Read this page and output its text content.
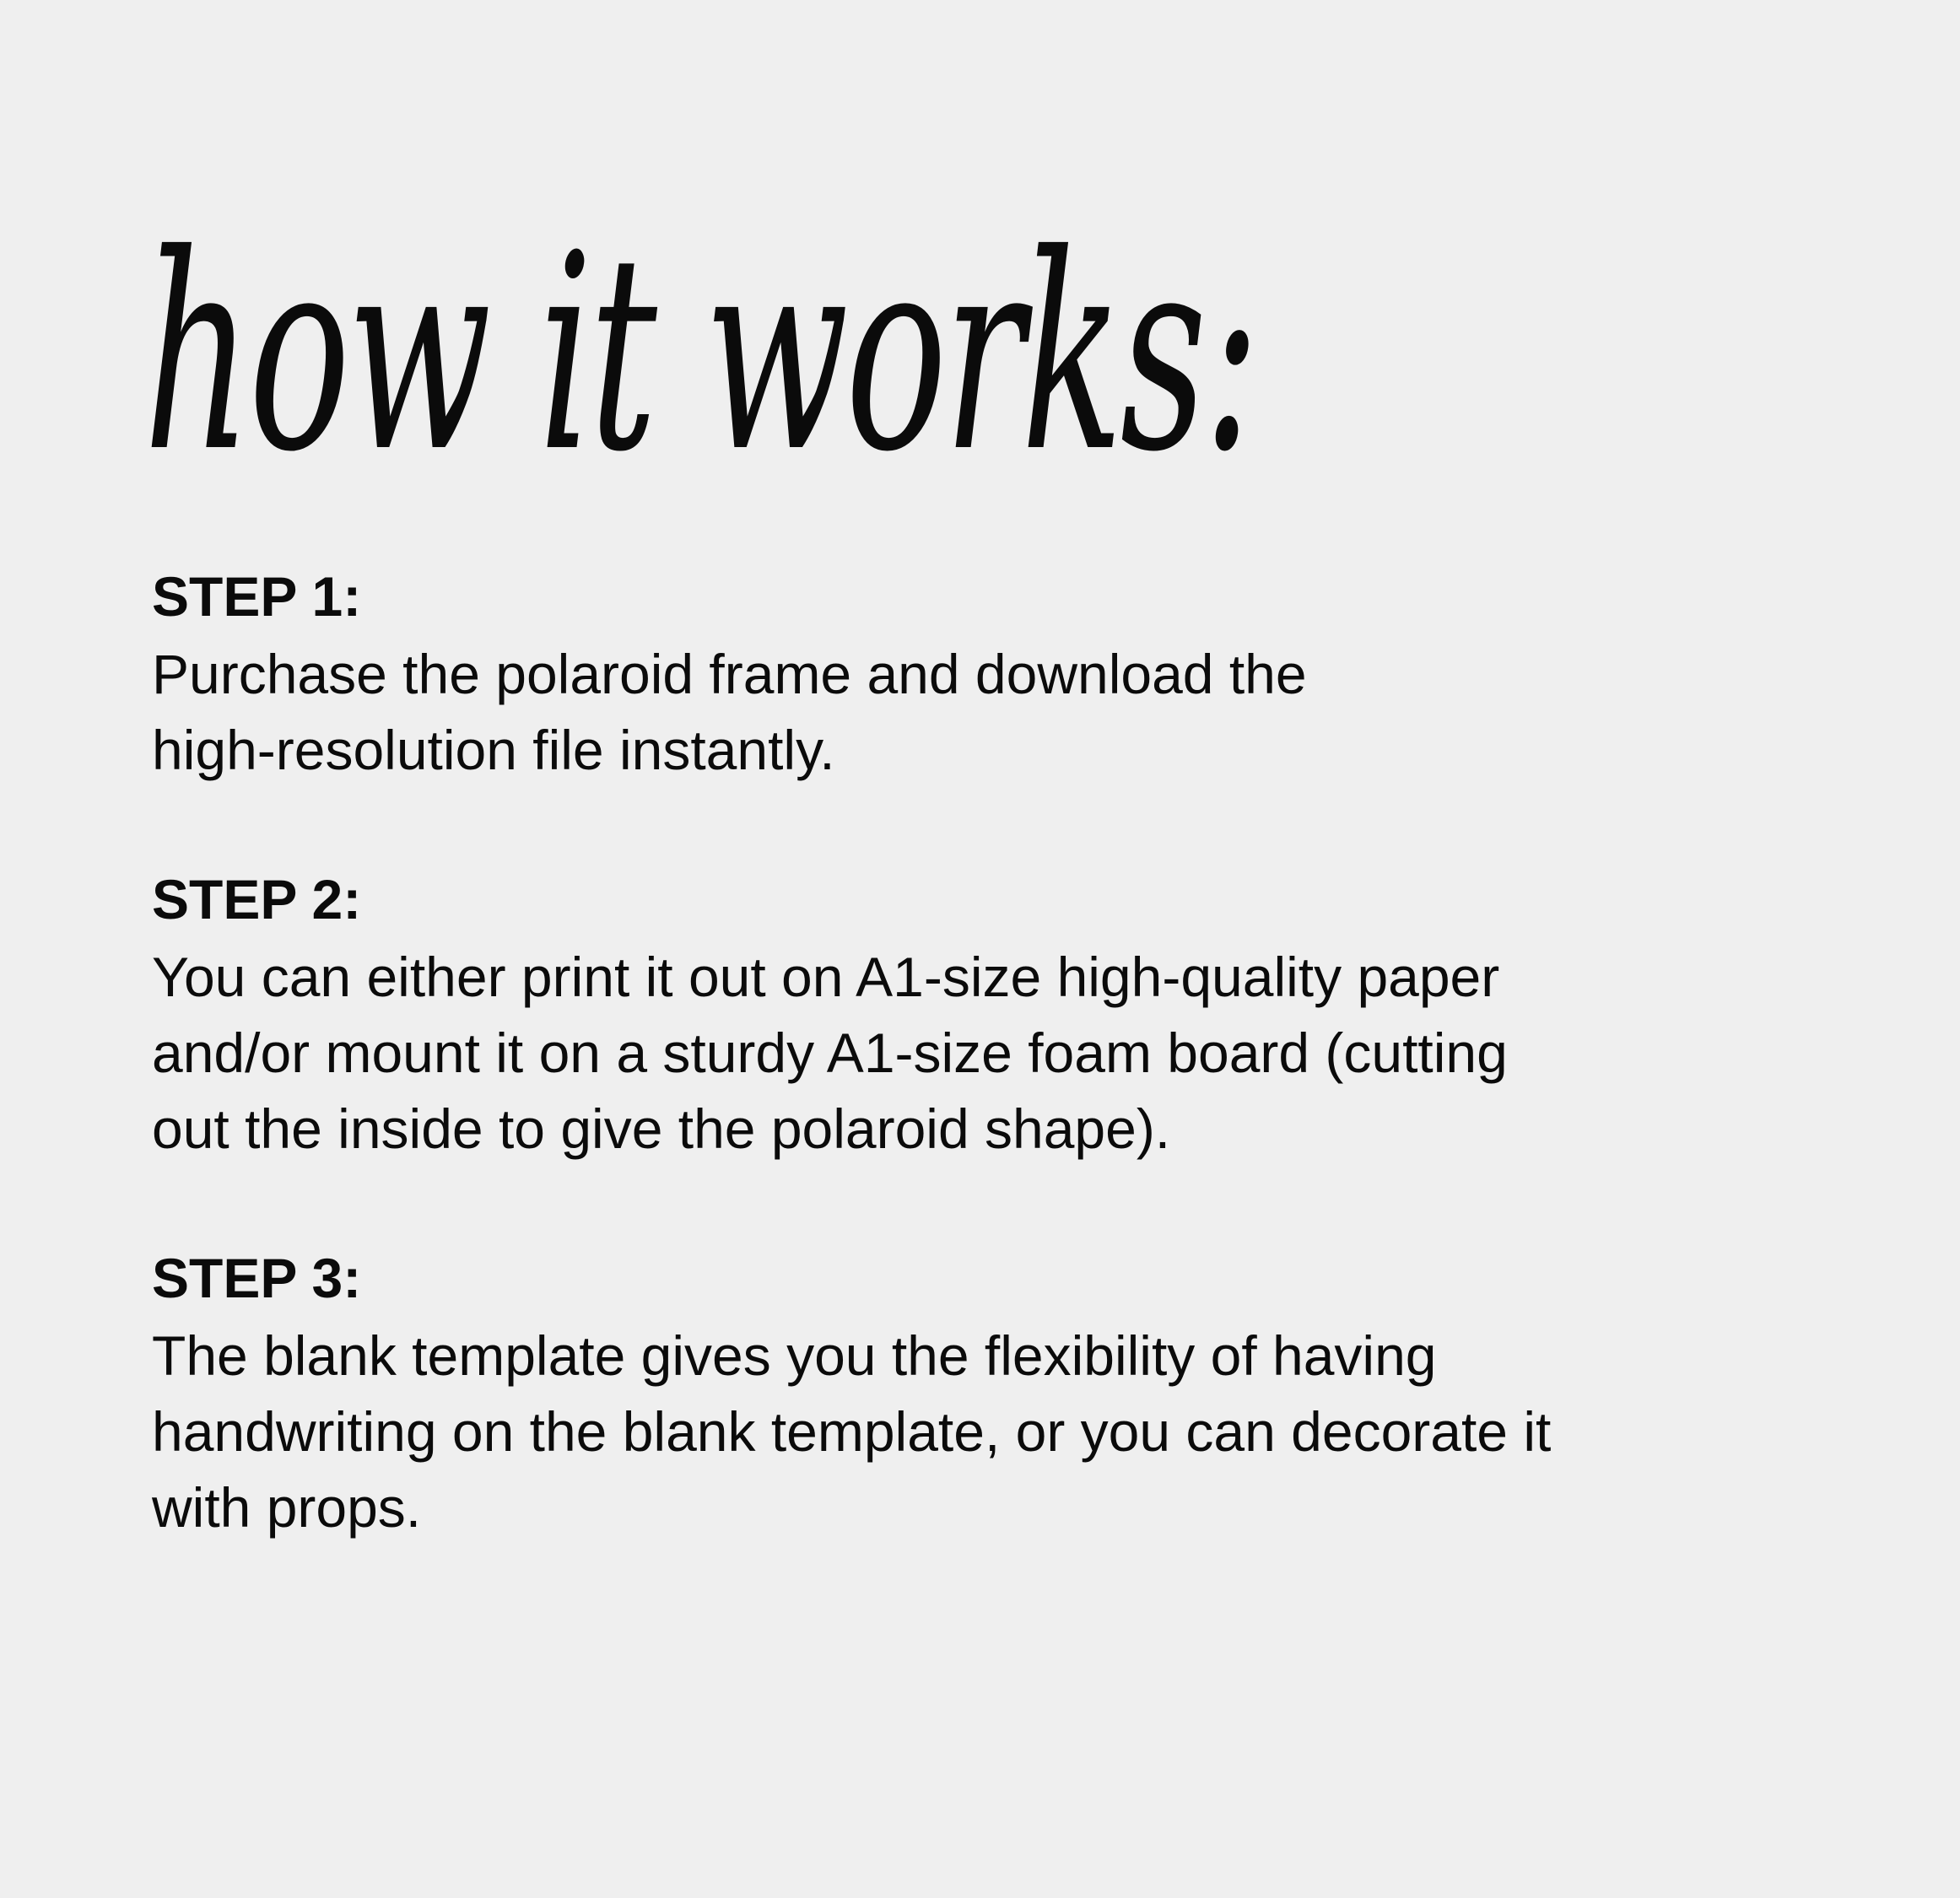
how it works:
STEP 1:
Purchase the polaroid frame and download the
high-resolution file instantly.
STEP 2:
You can either print it out on A1-size high-quality paper
and/or mount it on a sturdy A1-size foam board (cutting
out the inside to give the polaroid shape).
STEP 3:
The blank template gives you the flexibility of having
handwriting on the blank template, or you can decorate it
with props.
